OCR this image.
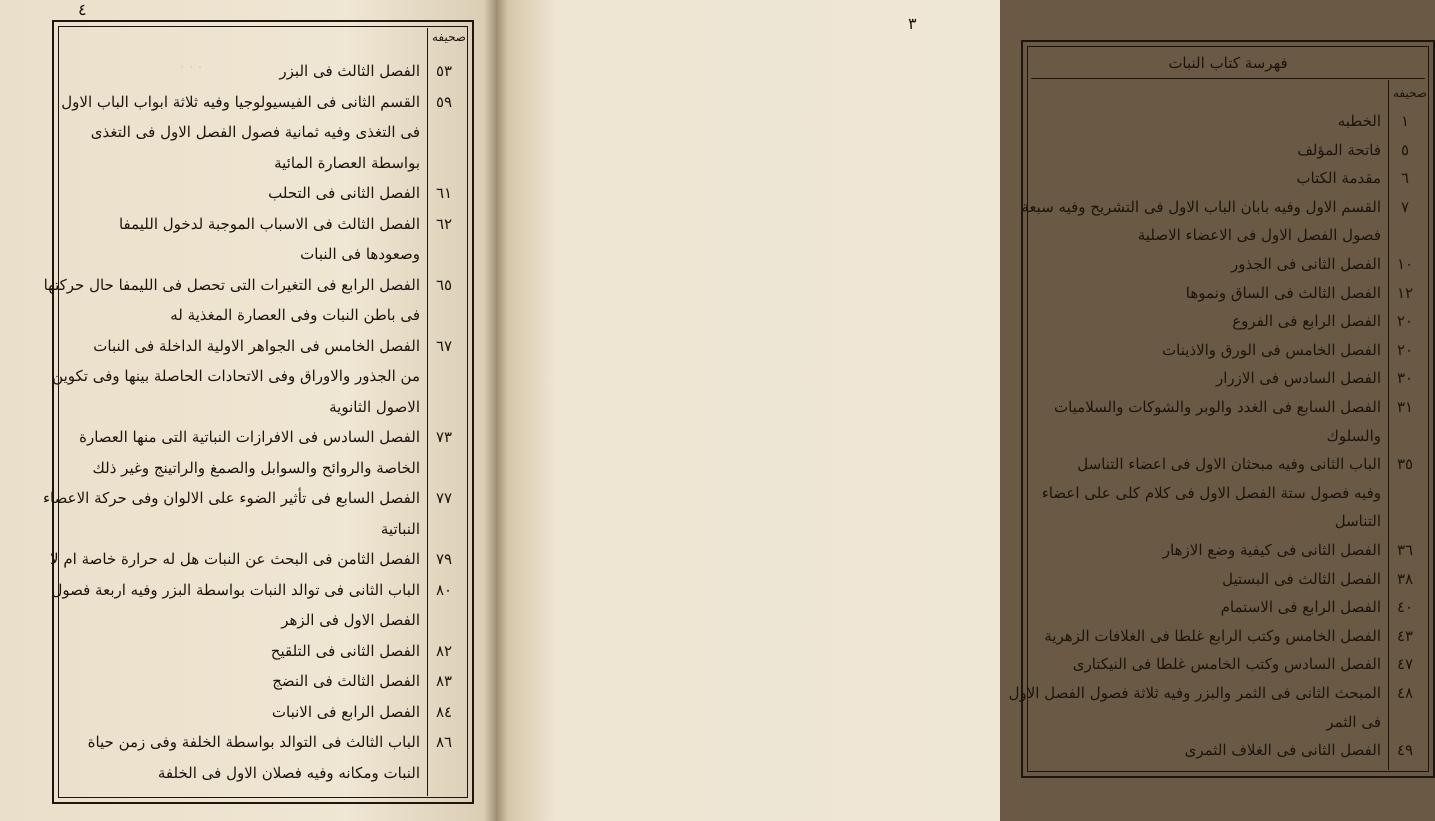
٤
صحيفه
٥٣
الفصل الثالث فى البزر
٥٩
القسم الثانى فى الفيسيولوجيا وفيه ثلاثة ابواب الباب الاول
فى التغذى وفيه ثمانية فصول الفصل الاول فى التغذى
بواسطة العصارة المائية
٦١
الفصل الثانى فى التحلب
٦٢
الفصل الثالث فى الاسباب الموجبة لدخول الليمفا
وصعودها فى النبات
٦٥
الفصل الرابع فى التغيرات التى تحصل فى الليمفا حال حركتها
فى باطن النبات وفى العصارة المغذية له
٦٧
الفصل الخامس فى الجواهر الاولية الداخلة فى النبات
من الجذور والاوراق وفى الاتحادات الحاصلة بينها وفى تكوين
الاصول الثانوية
٧٣
الفصل السادس فى الافرازات النباتية التى منها العصارة
الخاصة والروائح والسوابل والصمغ والراتينج وغير ذلك
٧٧
الفصل السابع فى تأثير الضوء على الالوان وفى حركة الاعضاء
النباتية
٧٩
الفصل الثامن فى البحث عن النبات هل له حرارة خاصة ام لا
٨٠
الباب الثانى فى توالد النبات بواسطة البزر وفيه اربعة فصول
الفصل الاول فى الزهر
٨٢
الفصل الثانى فى التلقيح
٨٣
الفصل الثالث فى النضج
٨٤
الفصل الرابع فى الانبات
٨٦
الباب الثالث فى التوالد بواسطة الخلفة وفى زمن حياة
النبات ومكانه وفيه فصلان الاول فى الخلفة
· · ·
٣
فهرسة كتاب النبات
صحيفه
١
الخطبه
٥
فاتحة المؤلف
٦
مقدمة الكتاب
٧
القسم الاول وفيه بابان الباب الاول فى التشريح وفيه سبعة
فصول الفصل الاول فى الاعضاء الاصلية
١٠
الفصل الثانى فى الجذور
١٢
الفصل الثالث فى الساق ونموها
٢٠
الفصل الرابع فى الفروع
٢٠
الفصل الخامس فى الورق والاذينات
٣٠
الفصل السادس فى الازرار
٣١
الفصل السابع فى الغدد والوبر والشوكات والسلاميات
والسلوك
٣٥
الباب الثانى وفيه مبحثان الاول فى اعضاء التناسل
وفيه فصول ستة الفصل الاول فى كلام كلى على اعضاء
التناسل
٣٦
الفصل الثانى فى كيفية وضع الازهار
٣٨
الفصل الثالث فى البستيل
٤٠
الفصل الرابع فى الاستمام
٤٣
الفصل الخامس وكتب الرابع غلطا فى الغلافات الزهرية
٤٧
الفصل السادس وكتب الخامس غلطا فى النيكتارى
٤٨
المبحث الثانى فى الثمر والبزر وفيه ثلاثة فصول الفصل الاول
فى الثمر
٤٩
الفصل الثانى فى الغلاف الثمرى
